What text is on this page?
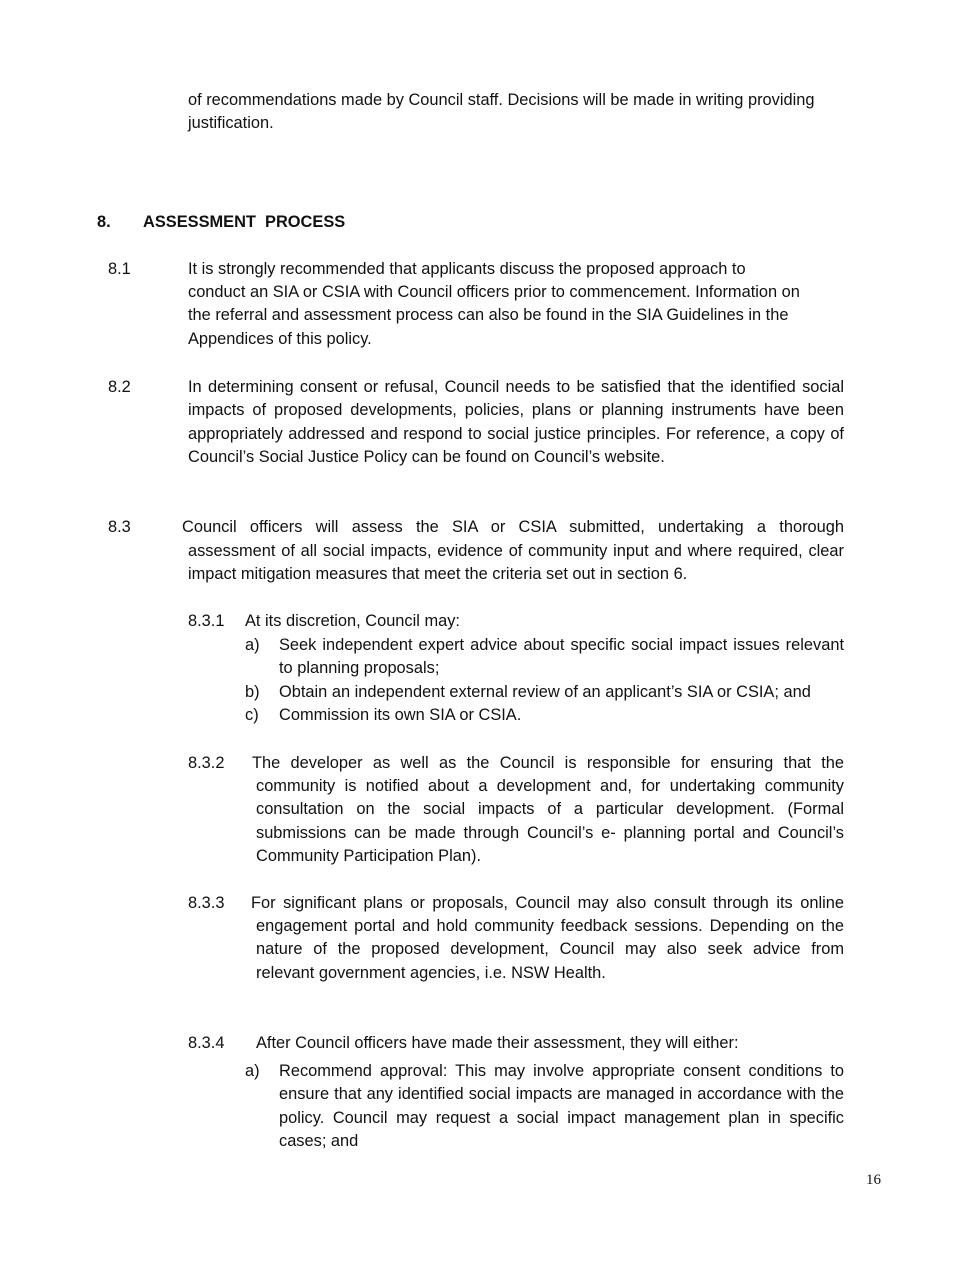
of recommendations made by Council staff. Decisions will be made in writing providing
justification.
8. ASSESSMENT  PROCESS
8.1	It is strongly recommended that applicants discuss the proposed approach to
conduct an SIA or CSIA with Council officers prior to commencement. Information on
the referral and assessment process can also be found in the SIA Guidelines in the
Appendices of this policy.
8.2	In determining consent or refusal, Council needs to be satisfied that the identified social impacts of proposed developments, policies, plans or planning instruments have been appropriately addressed and respond to social justice principles. For reference, a copy of Council’s Social Justice Policy can be found on Council’s website.
8.3	Council officers will assess the SIA or CSIA submitted, undertaking a thorough
assessment of all social impacts, evidence of community input and where required, clear impact mitigation measures that meet the criteria set out in section 6.
8.3.1 At its discretion, Council may:
a) Seek independent expert advice about specific social impact issues relevant to planning proposals;
b) Obtain an independent external review of an applicant’s SIA or CSIA; and
c) Commission its own SIA or CSIA.
8.3.2 The developer as well as the Council is responsible for ensuring that the
community is notified about a development and, for undertaking community consultation on the social impacts of a particular development. (Formal submissions can be made through Council’s e- planning portal and Council’s
Community Participation Plan).
8.3.3 For significant plans or proposals, Council may also consult through its online
engagement portal and hold community feedback sessions. Depending on the nature of the proposed development, Council may also seek advice from relevant government agencies, i.e. NSW Health.
8.3.4 After Council officers have made their assessment, they will either:
a) Recommend approval: This may involve appropriate consent conditions to ensure that any identified social impacts are managed in accordance with the policy. Council may request a social impact management plan in specific cases; and
16
